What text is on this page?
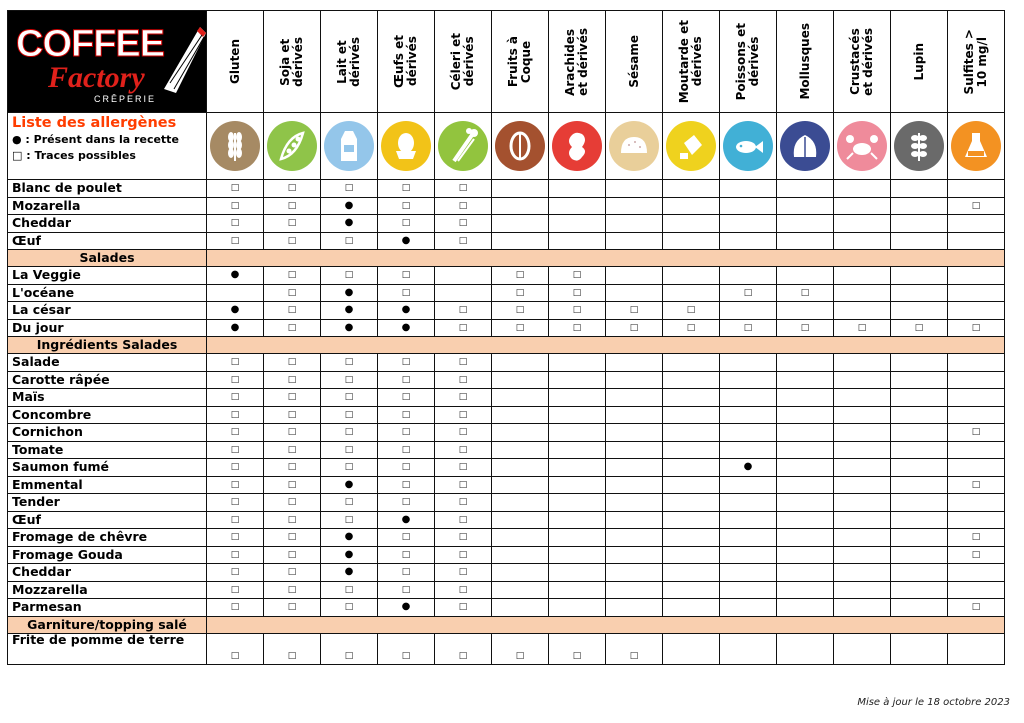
COFFEE
Factory
CRÊPERIE	Gluten	Soja et
dérivés	Lait et
dérivés	Œufs et
dérivés	Céleri et
dérivés	Fruits à
Coque	Arachides
et dérivés	Sésame	Moutarde et
dérivés	Poissons et
dérivés	Mollusques	Crustacés
et dérivés	Lupin	Sulfites >
10 mg/l

Liste des allergènes
● : Présent dans la recette
□ : Traces possibles

Blanc de poulet	□	□	□	□	□									
Mozarella	□	□	●	□	□									□
Cheddar	□	□	●	□	□									
Œuf	□	□	□	●	□									
Salades														
La Veggie	●	□	□	□		□	□							
L'océane		□	●	□		□	□			□	□			
La césar	●	□	●	●	□	□	□	□	□					
Du jour	●	□	●	●	□	□	□	□	□	□	□	□	□	□
Ingrédients Salades														
Salade	□	□	□	□	□									
Carotte râpée	□	□	□	□	□									
Maïs	□	□	□	□	□									
Concombre	□	□	□	□	□									
Cornichon	□	□	□	□	□									□
Tomate	□	□	□	□	□									
Saumon fumé	□	□	□	□	□					●				
Emmental	□	□	●	□	□									□
Tender	□	□	□	□	□									
Œuf	□	□	□	●	□									
Fromage de chêvre	□	□	●	□	□									□
Fromage Gouda	□	□	●	□	□									□
Cheddar	□	□	●	□	□									
Mozzarella	□	□	□	□	□									
Parmesan	□	□	□	●	□									□
Garniture/topping salé														
Frite de pomme de terre	□	□	□	□	□	□	□	□						
Mise à jour le 18 octobre 2023
